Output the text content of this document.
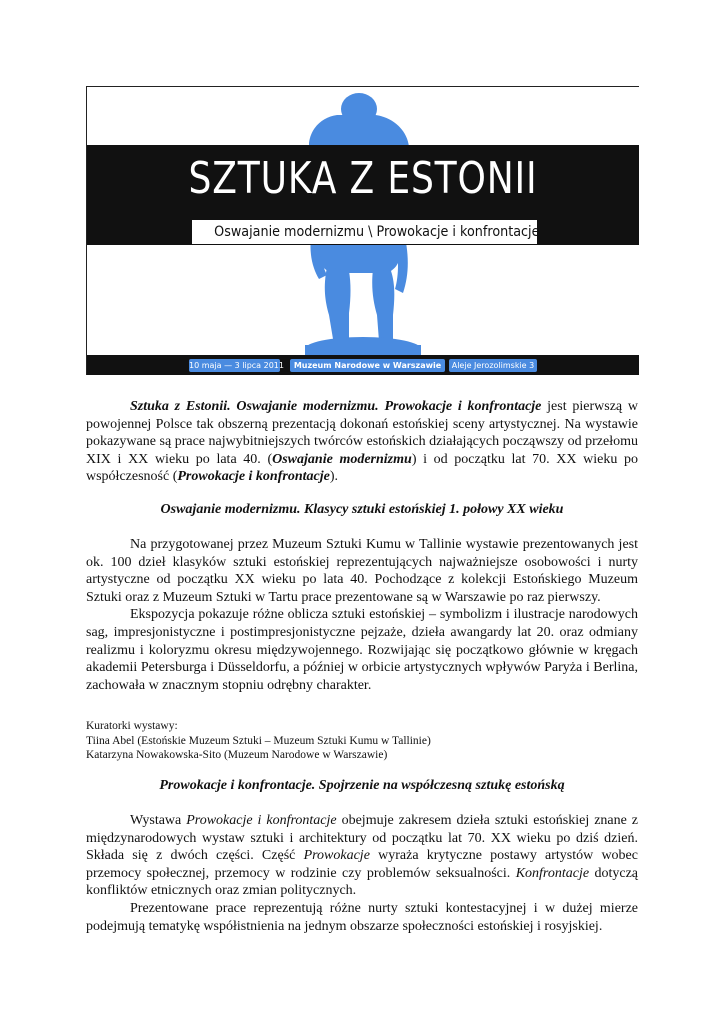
SZTUKA Z ESTONII
Oswajanie modernizmu \ Prowokacje i konfrontacje
10 maja — 3 lipca 2011	Muzeum Narodowe w Warszawie	Aleje Jerozolimskie 3
Sztuka z Estonii. Oswajanie modernizmu. Prowokacje i konfrontacje jest pierwszą w powojennej Polsce tak obszerną prezentacją dokonań estońskiej sceny artystycznej. Na wystawie pokazywane są prace najwybitniejszych twórców estońskich działających począwszy od przełomu XIX i XX wieku po lata 40. (Oswajanie modernizmu) i od początku lat 70. XX wieku po współczesność (Prowokacje i konfrontacje).
Oswajanie modernizmu. Klasycy sztuki estońskiej 1. połowy XX wieku

Na przygotowanej przez Muzeum Sztuki Kumu w Tallinie wystawie prezentowanych jest ok. 100 dzieł klasyków sztuki estońskiej reprezentujących najważniejsze osobowości i nurty artystyczne od początku XX wieku po lata 40. Pochodzące z kolekcji Estońskiego Muzeum Sztuki oraz z Muzeum Sztuki w Tartu prace prezentowane są w Warszawie po raz pierwszy.

Ekspozycja pokazuje różne oblicza sztuki estońskiej – symbolizm i ilustracje narodowych sag, impresjonistyczne i postimpresjonistyczne pejzaże, dzieła awangardy lat 20. oraz odmiany realizmu i koloryzmu okresu międzywojennego. Rozwijając się początkowo głównie w kręgach akademii Petersburga i Düsseldorfu, a później w orbicie artystycznych wpływów Paryża i Berlina, zachowała w znacznym stopniu odrębny charakter.

Kuratorki wystawy:
Tiina Abel (Estońskie Muzeum Sztuki – Muzeum Sztuki Kumu w Tallinie)
Katarzyna Nowakowska-Sito (Muzeum Narodowe w Warszawie)
Prowokacje i konfrontacje. Spojrzenie na współczesną sztukę estońską

Wystawa Prowokacje i konfrontacje obejmuje zakresem dzieła sztuki estońskiej znane z międzynarodowych wystaw sztuki i architektury od początku lat 70. XX wieku po dziś dzień. Składa się z dwóch części. Część Prowokacje wyraża krytyczne postawy artystów wobec przemocy społecznej, przemocy w rodzinie czy problemów seksualności. Konfrontacje dotyczą konfliktów etnicznych oraz zmian politycznych.

Prezentowane prace reprezentują różne nurty sztuki kontestacyjnej i w dużej mierze podejmują tematykę współistnienia na jednym obszarze społeczności estońskiej i rosyjskiej.
